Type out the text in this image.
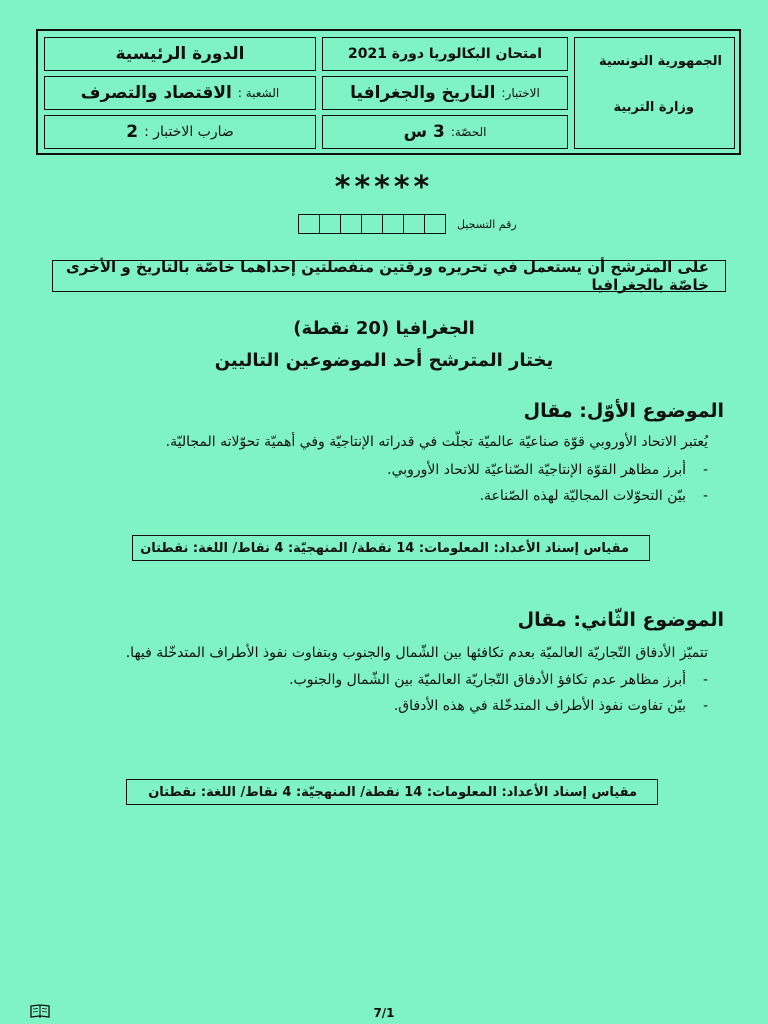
الجمهورية التونسية
وزارة التربية
امتحان البكالوريا دورة 2021
الاختبار:
التاريخ والجغرافيا
الحصّة:
3 س
الدورة الرئيسية
الشعبة :
الاقتصاد والتصرف
ضارب الاختبار :
2
*****
رقم التسجيل
على المترشح أن يستعمل في تحريره ورقتين منفصلتين إحداهما خاصّة بالتاريخ و الأخرى خاصّة بالجغرافيا
الجغرافيا (20 نقطة)
يختار المترشح أحد الموضوعين التاليين
الموضوع الأوّل: مقال
يُعتبر الاتحاد الأوروبي قوّة صناعيّة عالميّة تجلّت في قدراته الإنتاجيّة وفي أهميّة تحوّلاته المجاليّة.
-
أبرز مظاهر القوّة الإنتاجيّة الصّناعيّة للاتحاد الأوروبي.
-
بيّن التحوّلات المجاليّة لهذه الصّناعة.
مقياس إسناد الأعداد: المعلومات: 14 نقطة/ المنهجيّة: 4 نقاط/ اللغة: نقطتان
الموضوع الثّاني: مقال
تتميّز الأدفاق التّجاريّة العالميّة بعدم تكافئها بين الشّمال والجنوب وبتفاوت نفوذ الأطراف المتدخّلة فيها.
-
أبرز مظاهر عدم تكافؤ الأدفاق التّجاريّة العالميّة بين الشّمال والجنوب.
-
بيّن تفاوت نفوذ الأطراف المتدخّلة في هذه الأدفاق.
مقياس إسناد الأعداد: المعلومات: 14 نقطة/ المنهجيّة: 4 نقاط/ اللغة: نقطتان
7/1
